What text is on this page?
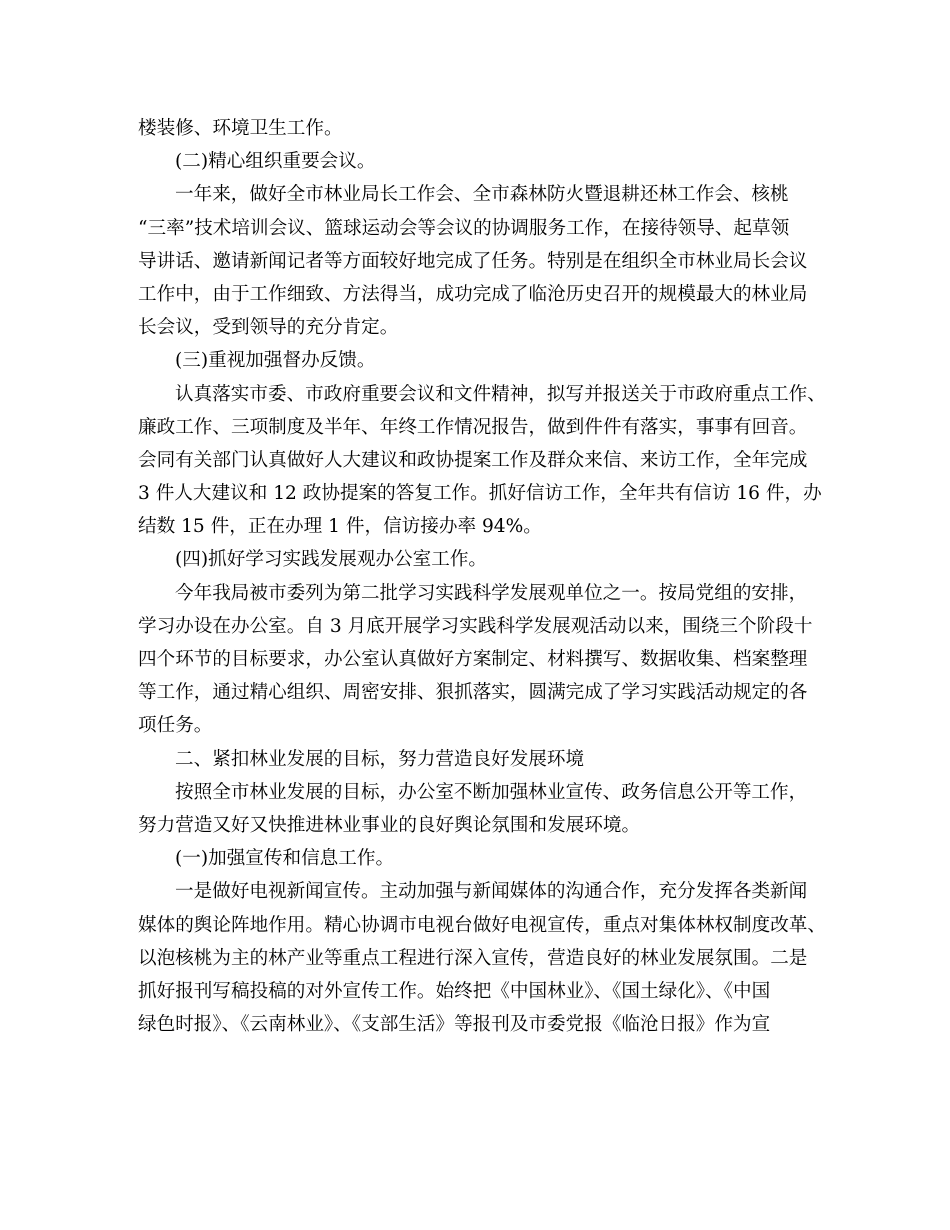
楼装修、环境卫生工作。
(二)精心组织重要会议。
一年来，做好全市林业局长工作会、全市森林防火暨退耕还林工作会、核桃
“三率”技术培训会议、篮球运动会等会议的协调服务工作，在接待领导、起草领
导讲话、邀请新闻记者等方面较好地完成了任务。特别是在组织全市林业局长会议
工作中，由于工作细致、方法得当，成功完成了临沧历史召开的规模最大的林业局
长会议，受到领导的充分肯定。
(三)重视加强督办反馈。
认真落实市委、市政府重要会议和文件精神，拟写并报送关于市政府重点工作、
廉政工作、三项制度及半年、年终工作情况报告，做到件件有落实，事事有回音。
会同有关部门认真做好人大建议和政协提案工作及群众来信、来访工作，全年完成
3 件人大建议和 12 政协提案的答复工作。抓好信访工作，全年共有信访 16 件，办
结数 15 件，正在办理 1 件，信访接办率 94%。
(四)抓好学习实践发展观办公室工作。
今年我局被市委列为第二批学习实践科学发展观单位之一。按局党组的安排，
学习办设在办公室。自 3 月底开展学习实践科学发展观活动以来，围绕三个阶段十
四个环节的目标要求，办公室认真做好方案制定、材料撰写、数据收集、档案整理
等工作，通过精心组织、周密安排、狠抓落实，圆满完成了学习实践活动规定的各
项任务。
二、紧扣林业发展的目标，努力营造良好发展环境
按照全市林业发展的目标，办公室不断加强林业宣传、政务信息公开等工作，
努力营造又好又快推进林业事业的良好舆论氛围和发展环境。
(一)加强宣传和信息工作。
一是做好电视新闻宣传。主动加强与新闻媒体的沟通合作，充分发挥各类新闻
媒体的舆论阵地作用。精心协调市电视台做好电视宣传，重点对集体林权制度改革、
以泡核桃为主的林产业等重点工程进行深入宣传，营造良好的林业发展氛围。二是
抓好报刊写稿投稿的对外宣传工作。始终把《中国林业》、《国土绿化》、《中国
绿色时报》、《云南林业》、《支部生活》等报刊及市委党报《临沧日报》作为宣
